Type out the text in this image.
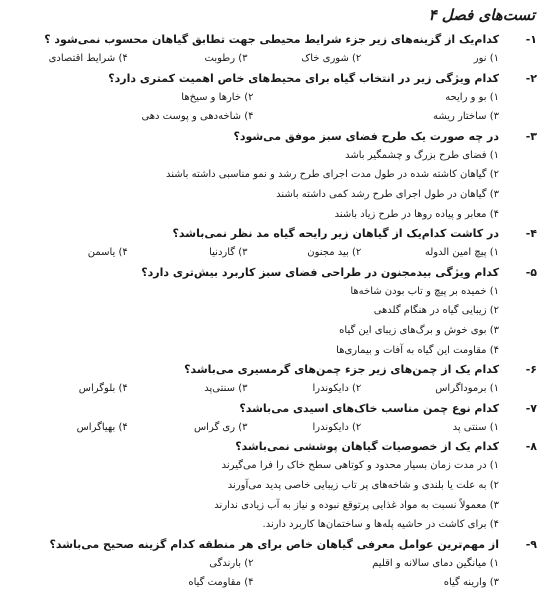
تست‌های فصل ۴
۱-
کدام‌یک از گزینه‌های زیر جزء شرایط محیطی جهت تطابق گیاهان محسوب نمی‌شود ؟
۱) نور
۲) شوری خاک
۳) رطوبت
۴) شرایط اقتصادی
۲-
کدام ویژگی زیر در انتخاب گیاه برای محیط‌های خاص اهمیت کمتری دارد؟
۱) بو و رایحه
۲) خارها و سیخ‌ها
۳) ساختار ریشه
۴) شاخه‌دهی و پوست دهی
۳-
در چه صورت یک طرح فضای سبز موفق می‌شود؟
۱) فضای طرح بزرگ و چشمگیر باشد
۲) گیاهان کاشته شده در طول مدت اجرای طرح رشد و نمو مناسبی داشته باشند
۳) گیاهان در طول اجرای طرح رشد کمی داشته باشند
۴) معابر و پیاده روها در طرح زیاد باشند
۴-
در کاشت کدام‌یک از گیاهان زیر رایحه گیاه مد نظر نمی‌باشد؟
۱) پیچ امین الدوله
۲) بید مجنون
۳) گاردنیا
۴) یاسمن
۵-
کدام ویژگی بیدمجنون در طراحی فضای سبز کاربرد بیش‌تری دارد؟
۱) خمیده بر پیچ و تاب بودن شاخه‌ها
۲) زیبایی گیاه در هنگام گلدهی
۳) بوی خوش و برگ‌های زیبای این گیاه
۴) مقاومت این گیاه به آفات و بیماری‌ها
۶-
کدام یک از چمن‌های زیر جزء چمن‌های گرمسیری می‌باشد؟
۱) برموداگراس
۲) دایکوندرا
۳) سنتی‌پد
۴) بلوگراس
۷-
کدام نوع چمن مناسب خاک‌های اسیدی می‌باشد؟
۱) سنتی پد
۲) دایکوندرا
۳) ری گراس
۴) بهیاگراس
۸-
کدام یک از خصوصیات گیاهان پوششی نمی‌باشد؟
۱) در مدت زمان بسیار محدود و کوتاهی سطح خاک را فرا می‌گیرند
۲) به علت یا بلندی و شاخه‌های پر تاب زیبایی خاصی پدید می‌آورند
۳) معمولاً نسبت به مواد غذایی پرتوقع نبوده و نیاز به آب زیادی ندارند
۴) برای کاشت در حاشیه پله‌ها و ساختمان‌ها کاربرد دارند.
۹-
از مهم‌ترین عوامل معرفی گیاهان خاص برای هر منطقه کدام گزینه صحیح می‌باشد؟
۱) میانگین دمای سالانه و اقلیم
۲) بارندگی
۳) وارینه گیاه
۴) مقاومت گیاه
